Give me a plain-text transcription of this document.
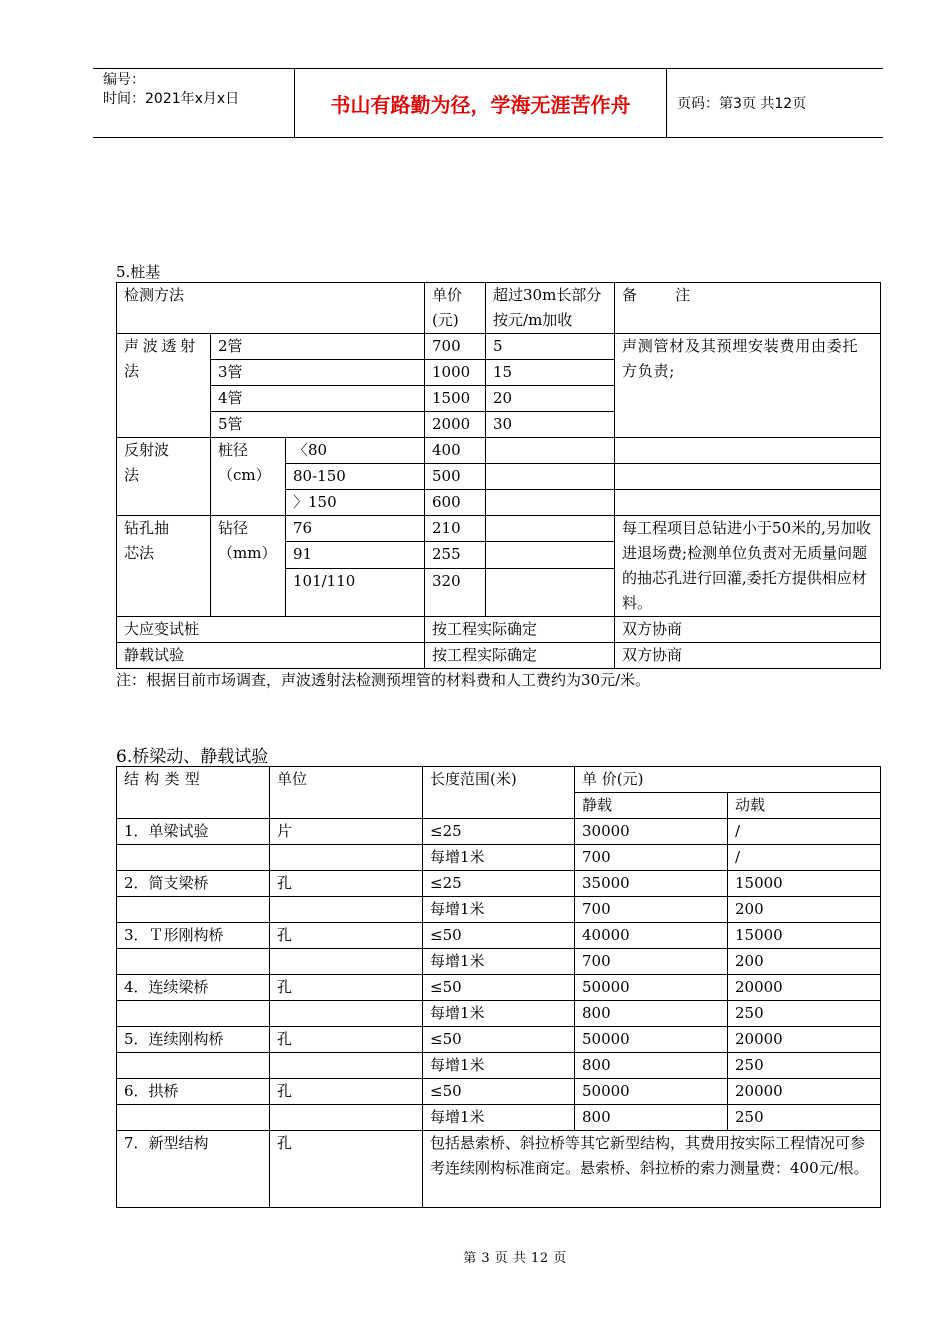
编号：
时间：2021年x月x日	书山有路勤为径，学海无涯苦作舟	页码：第3页 共12页
5.桩基
检测方法			单价(元)	超过30m长部分按元/m加收	备        注
声波透射法	2管		700	5	声测管材及其预埋安装费用由委托方负责;
	3管		1000	15	
	4管		1500	20	
	5管		2000	30	
反射波法	桩径（cm）	〈80	400		
		80-150	500		
		〉150	600		
钻孔抽芯法	钻径（mm）	76	210		每工程项目总钻进小于50米的,另加收进退场费;检测单位负责对无质量问题的抽芯孔进行回灌,委托方提供相应材料。
		91	255		
		101/110	320		
大应变试桩			按工程实际确定		双方协商
静载试验			按工程实际确定		双方协商
注：根据目前市场调查，声波透射法检测预埋管的材料费和人工费约为30元/米。
6.桥梁动、静载试验
结构类型	单位	长度范围(米)	单 价(元)	
			静载	动载
1．单梁试验	片	≤25	30000	/
		每增1米	700	/
2．简支梁桥	孔	≤25	35000	15000
		每增1米	700	200
3．Ｔ形刚构桥	孔	≤50	40000	15000
		每增1米	700	200
4．连续梁桥	孔	≤50	50000	20000
		每增1米	800	250
5．连续刚构桥	孔	≤50	50000	20000
		每增1米	800	250
6．拱桥	孔	≤50	50000	20000
		每增1米	800	250
7．新型结构	孔	包括悬索桥、斜拉桥等其它新型结构，其费用按实际工程情况可参考连续刚构标准商定。悬索桥、斜拉桥的索力测量费：400元/根。		
第 3 页 共 12 页
